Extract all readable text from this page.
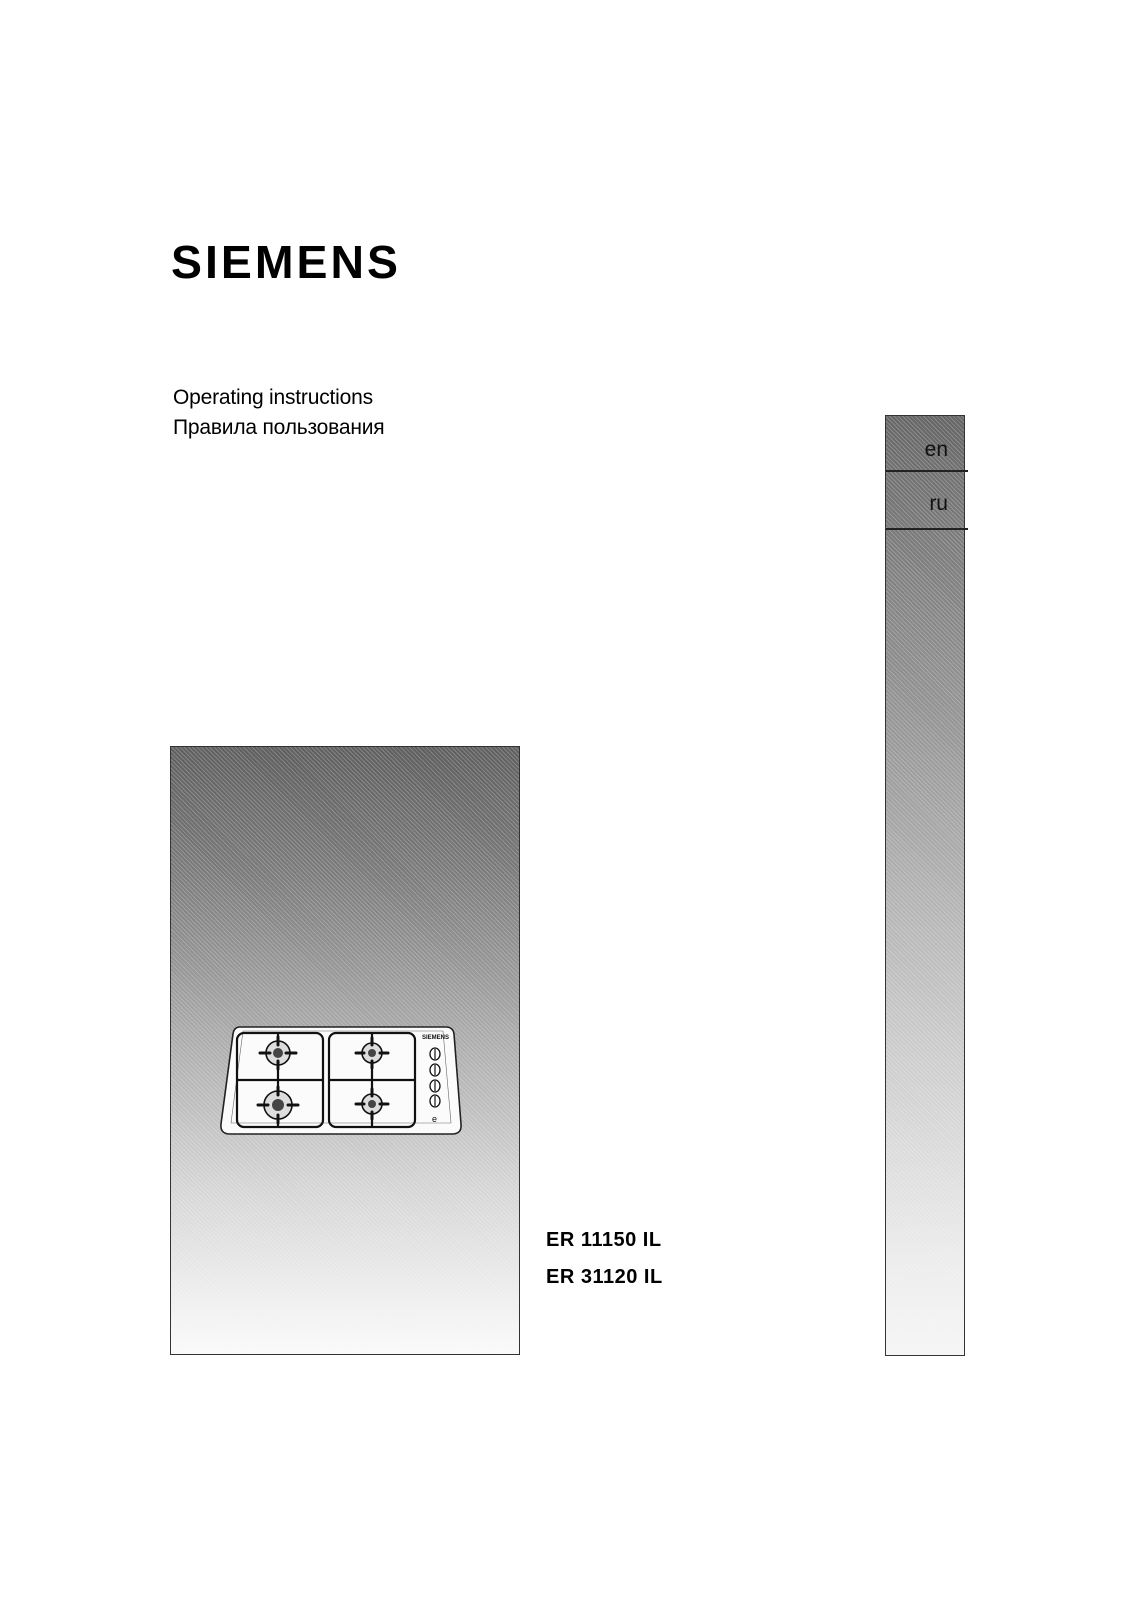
SIEMENS
Operating instructions
Правила пользования
en
ru
SIEMENS
e
ER 11150 IL
ER 31120 IL
